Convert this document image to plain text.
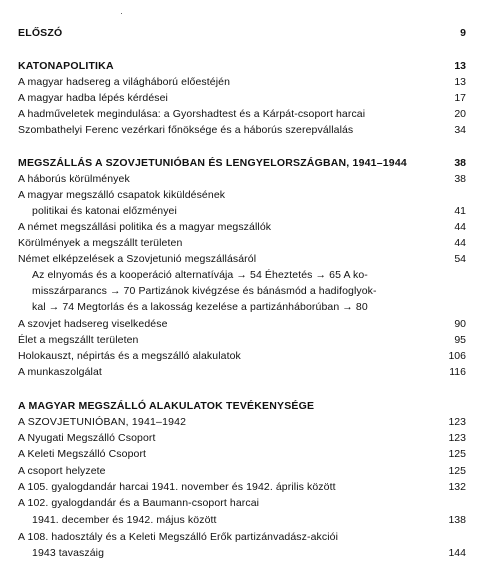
ELŐSZÓ	9
KATONAPOLITIKA	13
A magyar hadsereg a világháború előestéjén	13
A magyar hadba lépés kérdései	17
A hadműveletek megindulása: a Gyorshadtest és a Kárpát-csoport harcai	20
Szombathelyi Ferenc vezérkari főnöksége és a háborús szerepvállalás	34
MEGSZÁLLÁS A SZOVJETUNIÓBAN ÉS LENGYELORSZÁGBAN, 1941–1944	38
A háborús körülmények	38
A magyar megszálló csapatok kiküldésének
politikai és katonai előzményei	41
A német megszállási politika és a magyar megszállók	44
Körülmények a megszállt területen	44
Német elképzelések a Szovjetunió megszállásáról	54
Az elnyomás és a kooperáció alternatívája → 54 Éheztetés → 65 A ko-
misszárparancs → 70 Partizánok kivégzése és bánásmód a hadifoglyok-
kal → 74 Megtorlás és a lakosság kezelése a partizánháborúban → 80
A szovjet hadsereg viselkedése	90
Élet a megszállt területen	95
Holokauszt, népirtás és a megszálló alakulatok	106
A munkaszolgálat	116
A MAGYAR MEGSZÁLLÓ ALAKULATOK TEVÉKENYSÉGE
A SZOVJETUNIÓBAN, 1941–1942	123
A Nyugati Megszálló Csoport	123
A Keleti Megszálló Csoport	125
A csoport helyzete	125
A 105. gyalogdandár harcai 1941. november és 1942. április között	132
A 102. gyalogdandár és a Baumann-csoport harcai
1941. december és 1942. május között	138
A 108. hadosztály és a Keleti Megszálló Erők partizánvadász-akciói
1943 tavaszáig	144
